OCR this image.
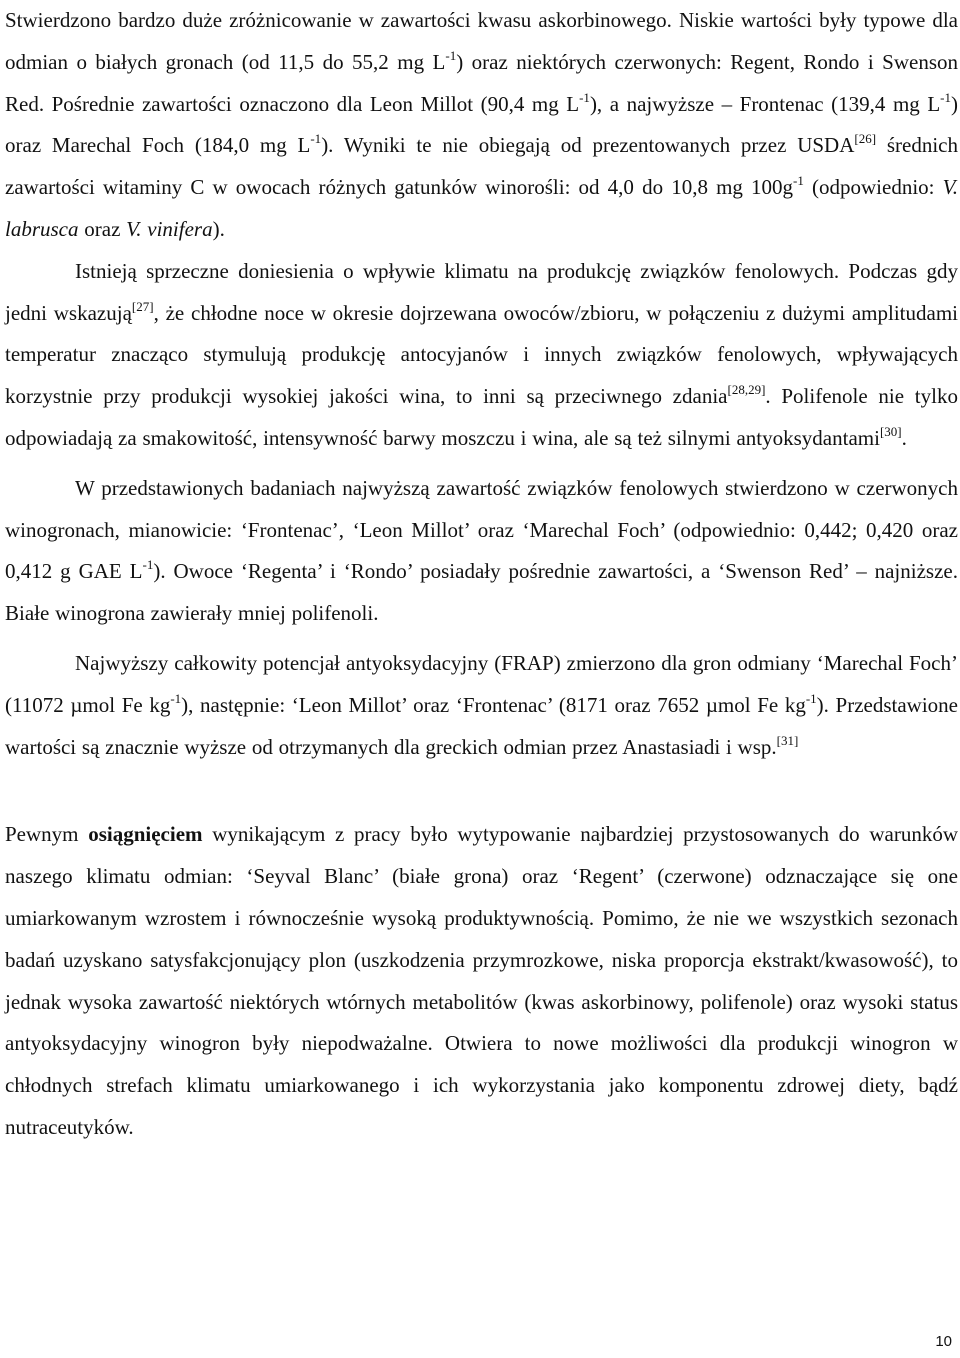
Stwierdzono bardzo duże zróżnicowanie w zawartości kwasu askorbinowego. Niskie wartości były typowe dla odmian o białych gronach (od 11,5 do 55,2 mg $L^{-1}$) oraz niektórych czerwonych: Regent, Rondo i Swenson Red. Pośrednie zawartości oznaczono dla Leon Millot (90,4 mg $L^{-1}$), a najwyższe – Frontenac (139,4 mg $L^{-1}$) oraz Marechal Foch (184,0 mg $L^{-1}$). Wyniki te nie obiegają od prezentowanych przez USDA[26] średnich zawartości witaminy C w owocach różnych gatunków winorośli: od 4,0 do 10,8 mg $100g^{-1}$ (odpowiednio: V. labrusca oraz V. vinifera).

Istnieją sprzeczne doniesienia o wpływie klimatu na produkcję związków fenolowych. Podczas gdy jedni wskazują[27], że chłodne noce w okresie dojrzewana owoców/zbioru, w połączeniu z dużymi amplitudami temperatur znacząco stymulują produkcję antocyjanów i innych związków fenolowych, wpływających korzystnie przy produkcji wysokiej jakości wina, to inni są przeciwnego zdania[28,29]. Polifenole nie tylko odpowiadają za smakowitość, intensywność barwy moszczu i wina, ale są też silnymi antyoksydantami[30].

W przedstawionych badaniach najwyższą zawartość związków fenolowych stwierdzono w czerwonych winogronach, mianowicie: ‘Frontenac’, ‘Leon Millot’ oraz ‘Marechal Foch’ (odpowiednio: 0,442; 0,420 oraz 0,412 g GAE $L^{-1}$). Owoce ‘Regenta’ i ‘Rondo’ posiadały pośrednie zawartości, a ‘Swenson Red’ – najniższe. Białe winogrona zawierały mniej polifenoli.

Najwyższy całkowity potencjał antyoksydacyjny (FRAP) zmierzono dla gron odmiany ‘Marechal Foch’ (11072 µmol Fe $kg^{-1}$), następnie: ‘Leon Millot’ oraz ‘Frontenac’ (8171 oraz 7652 µmol Fe $kg^{-1}$). Przedstawione wartości są znacznie wyższe od otrzymanych dla greckich odmian przez Anastasiadi i wsp.[31]

Pewnym osiągnięciem wynikającym z pracy było wytypowanie najbardziej przystosowanych do warunków naszego klimatu odmian: ‘Seyval Blanc’ (białe grona) oraz ‘Regent’ (czerwone) odznaczające się one umiarkowanym wzrostem i równocześnie wysoką produktywnością. Pomimo, że nie we wszystkich sezonach badań uzyskano satysfakcjonujący plon (uszkodzenia przymrozkowe, niska proporcja ekstrakt/kwasowość), to jednak wysoka zawartość niektórych wtórnych metabolitów (kwas askorbinowy, polifenole) oraz wysoki status antyoksydacyjny winogron były niepodważalne. Otwiera to nowe możliwości dla produkcji winogron w chłodnych strefach klimatu umiarkowanego i ich wykorzystania jako komponentu zdrowej diety, bądź nutraceutyków.

10
